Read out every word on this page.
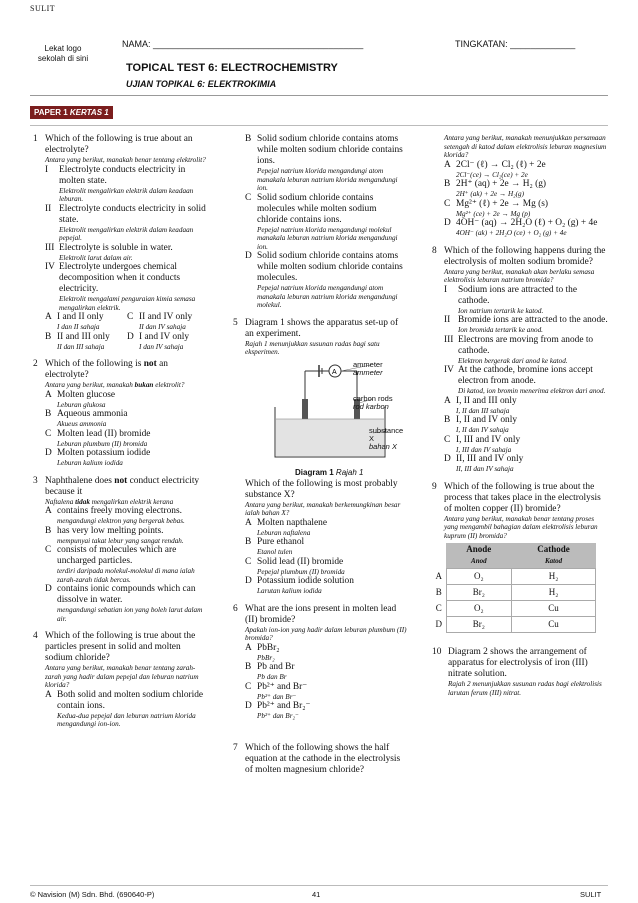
SULIT
Lekat logo sekolah di sini
NAMA: __________________________________________	TINGKATAN: _____________
TOPICAL TEST 6: ELECTROCHEMISTRY
UJIAN TOPIKAL 6: ELEKTROKIMIA
PAPER 1 KERTAS 1
1 Which of the following is true about an electrolyte?
Antara yang berikut, manakah benar tentang elektrolit?
I	Electrolyte conducts electricity in molten state.
Elektrolit mengalirkan elektrik dalam keadaan leburan.
II Electrolyte conducts electricity in solid state.
Elektrolit mengalirkan elektrik dalam keadaan pepejal.
III Electrolyte is soluble in water.
Elektrolit larut dalam air.
IV Electrolyte undergoes chemical decomposition when it conducts electricity.
Elektrolit mengalami penguraian kimia semasa mengalirkan elektrik.
A I and II only
I dan II sahaja
C II and IV only
II dan IV sahaja
B II and III only
II dan III sahaja
D I and IV only
I dan IV sahaja
2 Which of the following is not an electrolyte?
Antara yang berikut, manakah bukan elektrolit?
A Molten glucose
Leburan glukosa
B Aqueous ammonia
Akueus ammonia
C Molten lead (II) bromide
Leburan plumbum (II) bromida
D Molten potassium iodide
Leburan kalium iodida
3 Naphthalene does not conduct electricity because it
Naftalena tidak mengalirkan elektrik kerana
A contains freely moving electrons.
mengandungi elektron yang bergerak bebas.
B has very low melting points.
mempunyai takat lebur yang sangat rendah.
C consists of molecules which are uncharged particles.
terdiri daripada molekul-molekul di mana ialah zarah-zarah tidak bercas.
D contains ionic compounds which can dissolve in water.
mengandungi sebatian ion yang boleh larut dalam air.
4 Which of the following is true about the particles present in solid and molten sodium chloride?
Antara yang berikut, manakah benar tentang zarah-zarah yang hadir dalam pepejal dan leburan natrium klorida?
A Both solid and molten sodium chloride contain ions.
Kedua-dua pepejal dan leburan natrium klorida mengandungi ion-ion.
B Solid sodium chloride contains atoms while molten sodium chloride contains ions.
Pepejal natrium klorida mengandungi atom manakala leburan natrium klorida mengandungi ion.
C Solid sodium chloride contains molecules while molten sodium chloride contains ions.
Pepejal natrium klorida mengandungi molekul manakala leburan natrium klorida mengandungi ion.
D Solid sodium chloride contains atoms while molten sodium chloride contains molecules.
Pepejal natrium klorida mengandungi atom manakala leburan natrium klorida mengandungi molekul.
5 Diagram 1 shows the apparatus set-up of an experiment.
Rajah 1 menunjukkan susunan radas bagi satu eksperimen.
A
ammeter
ammeter
carbon rods
rod karbon
substance X
bahan X
Diagram 1 Rajah 1
Which of the following is most probably substance X?
Antara yang berikut, manakah berkemungkinan besar ialah bahan X?
A Molten napthalene
Leburan naftalena
B Pure ethanol
Etanol tulen
C Solid lead (II) bromide
Pepejal plumbum (II) bromida
D Potassium iodide solution
Larutan kalium iodida
6 What are the ions present in molten lead (II) bromide?
Apakah ion-ion yang hadir dalam leburan plumbum (II) bromida?
A PbBr₂
PbBr₂
B Pb and Br
Pb dan Br
C Pb²⁺ and Br⁻
Pb²⁺ dan Br⁻
D Pb²⁺ and Br₂⁻
Pb²⁺ dan Br₂⁻
7 Which of the following shows the half equation at the cathode in the electrolysis of molten magnesium chloride?
Antara yang berikut, manakah menunjukkan persamaan setengah di katod dalam elektrolisis leburan magnesium klorida?
A 2Cl⁻ (ℓ) → Cl₂ (ℓ) + 2e
2Cl⁻(ce) → Cl₂(ce) + 2e
B 2H⁺ (aq) + 2e → H₂ (g)
2H⁺ (ak) + 2e → H₂(g)
C Mg²⁺ (ℓ) + 2e → Mg (s)
Mg²⁺ (ce) + 2e → Mg (p)
D 4OH⁻ (aq) → 2H₂O (ℓ) + O₂ (g) + 4e
4OH⁻ (ak) + 2H₂O (ce) + O₂ (g) + 4e
8 Which of the following happens during the electrolysis of molten sodium bromide?
Antara yang berikut, manakah akan berlaku semasa elektrolisis leburan natrium bromida?
I	Sodium ions are attracted to the cathode.
Ion natrium tertarik ke katod.
II Bromide ions are attracted to the anode.
Ion bromida tertarik ke anod.
III Electrons are moving from anode to cathode.
Elektron bergerak dari anod ke katod.
IV At the cathode, bromine ions accept electron from anode.
Di katod, ion bromin menerima elektron dari anod.
A I, II and III only
I, II dan III sahaja
B I, II and IV only
I, II dan IV sahaja
C I, III and IV only
I, III dan IV sahaja
D II, III and IV only
II, III dan IV sahaja
9 Which of the following is true about the process that takes place in the electrolysis of molten copper (II) bromide?
Antara yang berikut, manakah benar tentang proses yang mengambil bahagian dalam elektrolisis leburan kuprum (II) bromida?
	Anode
Anod	Cathode
Katod
A	O₂	H₂
B	Br₂	H₂
C	O₂	Cu
D	Br₂	Cu
10 Diagram 2 shows the arrangement of apparatus for electrolysis of iron (III) nitrate solution.
Rajah 2 menunjukkan susunan radas bagi elektrolisis larutan ferum (III) nitrat.
© Navision (M) Sdn. Bhd. (690640-P)	41	SULIT
